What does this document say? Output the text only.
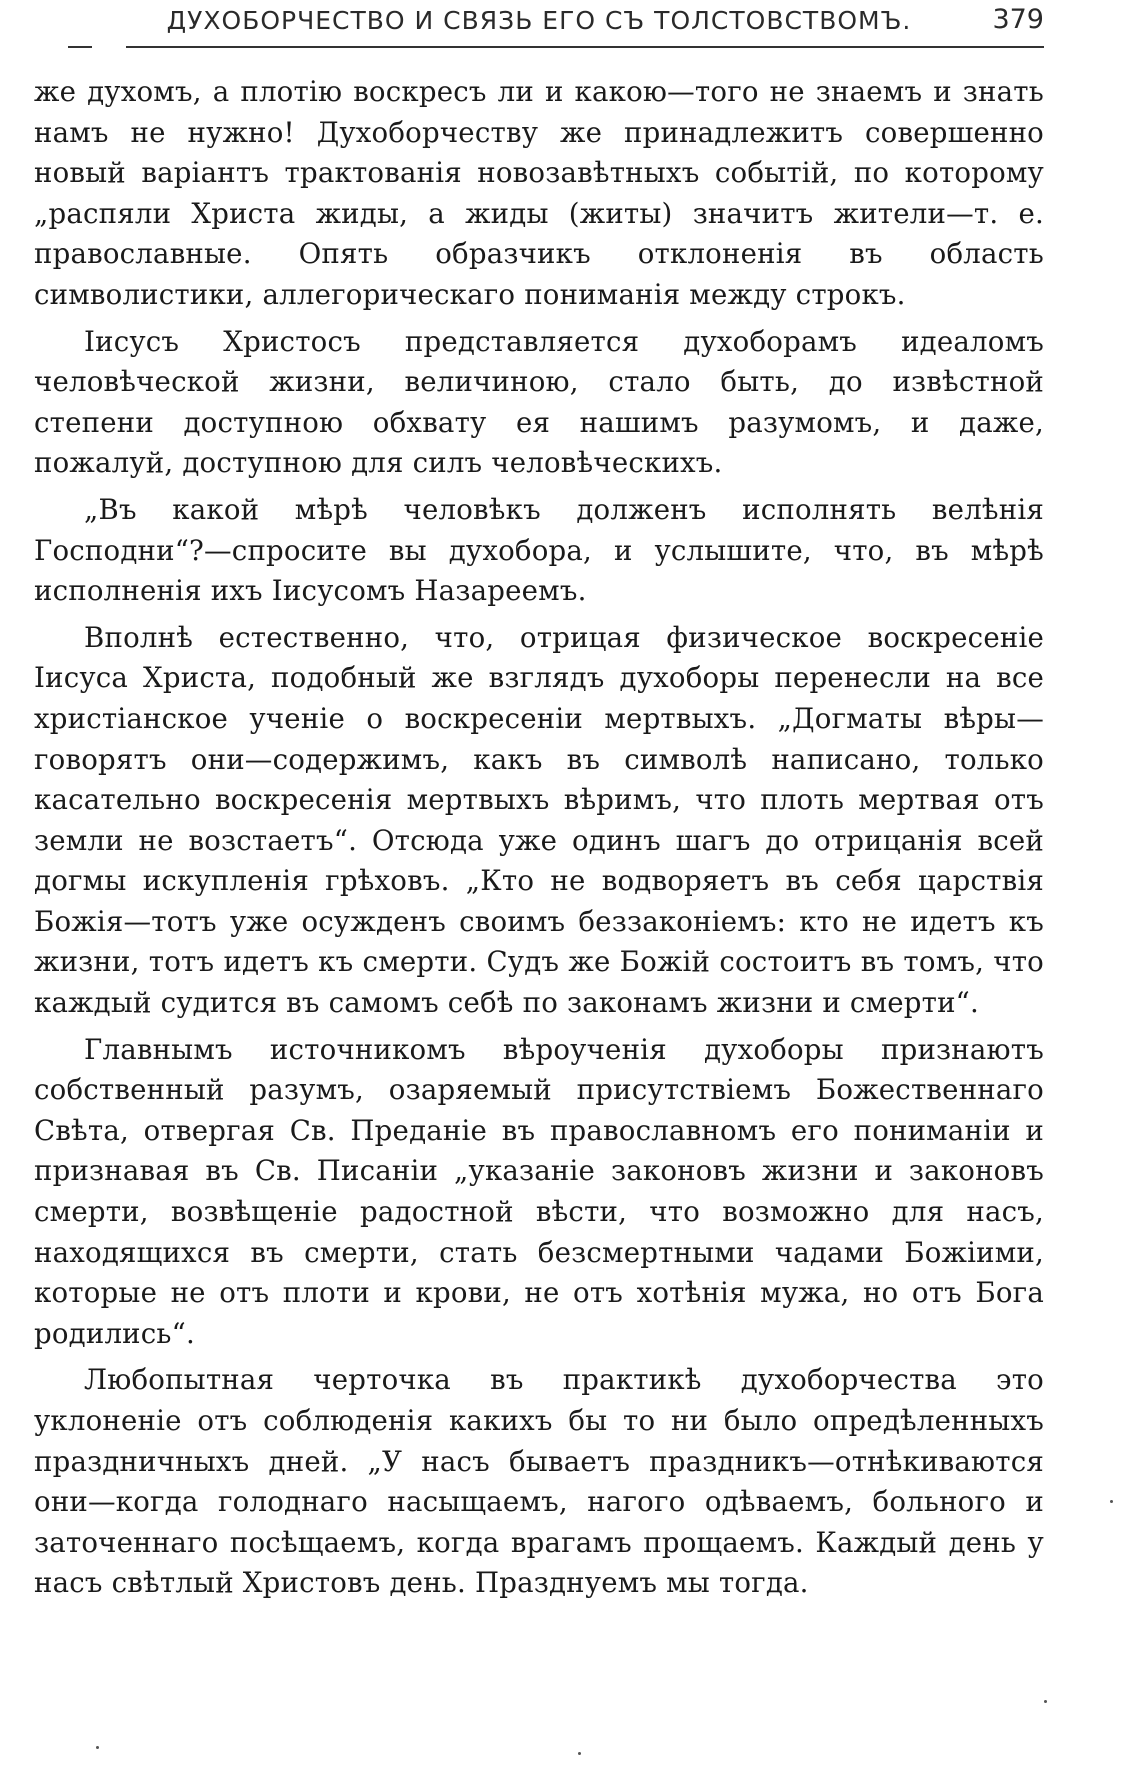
ДУХОБОРЧЕСТВО И СВЯЗЬ ЕГО СЪ ТОЛСТОВСТВОМЪ.	379

же духомъ, а плотію воскресъ ли и какою—того не знаемъ и знать намъ не нужно! Духоборчеству же принадлежитъ совершенно новый варіантъ трактованія новозавѣтныхъ событій, по которому „распяли Христа жиды, а жиды (житы) значитъ жители—т. е. православные. Опять образчикъ отклоненія въ область символистики, аллегорическаго пониманія между строкъ.

Іисусъ Христосъ представляется духоборамъ идеаломъ человѣческой жизни, величиною, стало быть, до извѣстной степени доступною обхвату ея нашимъ разумомъ, и даже, пожалуй, доступною для силъ человѣческихъ.

„Въ какой мѣрѣ человѣкъ долженъ исполнять велѣнія Господни“?—спросите вы духобора, и услышите, что, въ мѣрѣ исполненія ихъ Іисусомъ Назареемъ.

Вполнѣ естественно, что, отрицая физическое воскресеніе Іисуса Христа, подобный же взглядъ духоборы перенесли на все христіанское ученіе о воскресеніи мертвыхъ. „Догматы вѣры—говорятъ они—содержимъ, какъ въ символѣ написано, только касательно воскресенія мертвыхъ вѣримъ, что плоть мертвая отъ земли не возстаетъ“. Отсюда уже одинъ шагъ до отрицанія всей догмы искупленія грѣховъ. „Кто не водворяетъ въ себя царствія Божія—тотъ уже осужденъ своимъ беззаконіемъ: кто не идетъ къ жизни, тотъ идетъ къ смерти. Судъ же Божій состоитъ въ томъ, что каждый судится въ самомъ себѣ по законамъ жизни и смерти“.

Главнымъ источникомъ вѣроученія духоборы признаютъ собственный разумъ, озаряемый присутствіемъ Божественнаго Свѣта, отвергая Св. Преданіе въ православномъ его пониманіи и признавая въ Св. Писаніи „указаніе законовъ жизни и законовъ смерти, возвѣщеніе радостной вѣсти, что возможно для насъ, находящихся въ смерти, стать безсмертными чадами Божіими, которые не отъ плоти и крови, не отъ хотѣнія мужа, но отъ Бога родились“.

Любопытная черточка въ практикѣ духоборчества это уклоненіе отъ соблюденія какихъ бы то ни было опредѣленныхъ праздничныхъ дней. „У насъ бываетъ праздникъ—отнѣкиваются они—когда голоднаго насыщаемъ, нагого одѣваемъ, больного и заточеннаго посѣщаемъ, когда врагамъ прощаемъ. Каждый день у насъ свѣтлый Христовъ день. Празднуемъ мы тогда.
